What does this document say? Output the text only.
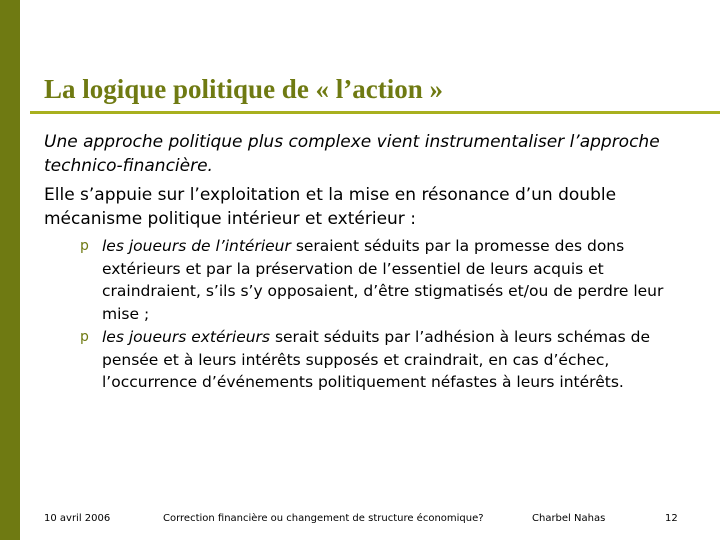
La logique politique de « l’action »

Une approche politique plus complexe vient instrumentaliser l’approche technico-financière.

Elle s’appuie sur l’exploitation et la mise en résonance d’un double mécanisme politique intérieur et extérieur :

p les joueurs de l’intérieur seraient séduits par la promesse des dons extérieurs et par la préservation de l’essentiel de leurs acquis et craindraient, s’ils s’y opposaient, d’être stigmatisés et/ou de perdre leur mise ;

p les joueurs extérieurs serait séduits par l’adhésion à leurs schémas de pensée et à leurs intérêts supposés et craindrait, en cas d’échec, l’occurrence d’événements politiquement néfastes à leurs intérêts.

10 avril 2006	Correction financière ou changement de structure économique?	Charbel Nahas	12
